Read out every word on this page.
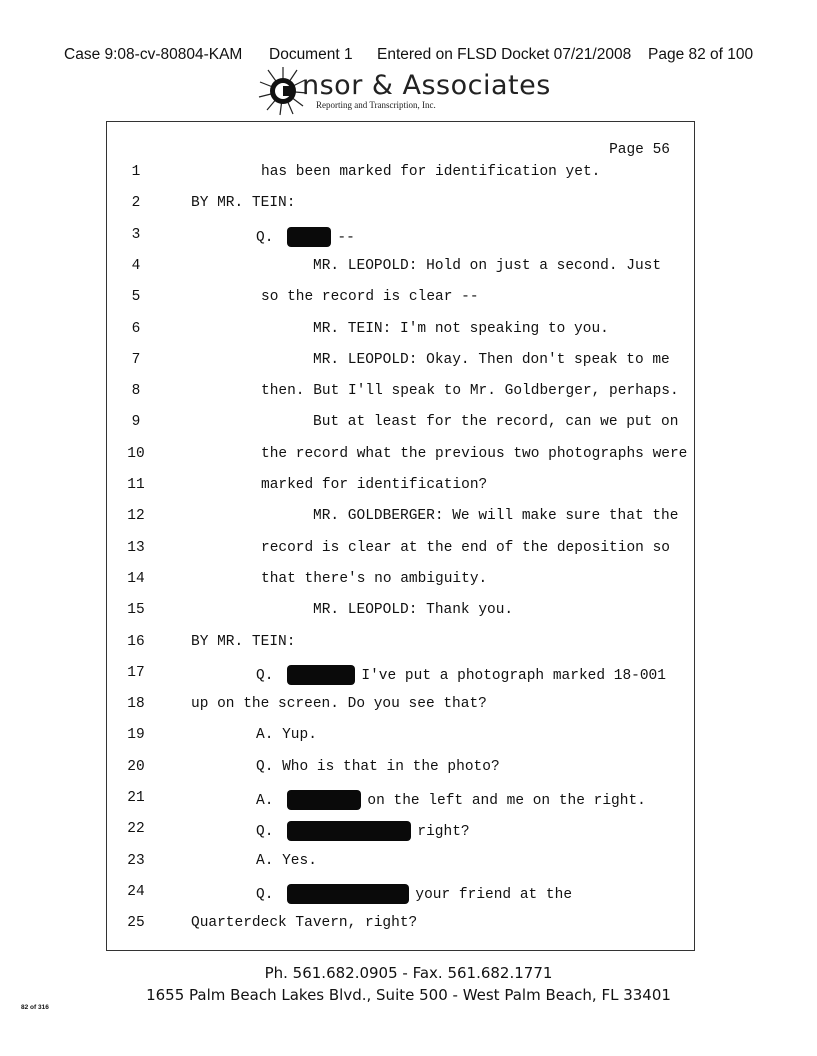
Case 9:08-cv-80804-KAM Document 1 Entered on FLSD Docket 07/21/2008 Page 82 of 100
nsor & Associates
Reporting and Transcription, Inc.
Page 56
1	has been marked for identification yet.
2	BY MR. TEIN:
3	Q.	--
4	MR. LEOPOLD: Hold on just a second. Just
5	so the record is clear --
6	MR. TEIN: I'm not speaking to you.
7	MR. LEOPOLD: Okay. Then don't speak to me
8	then. But I'll speak to Mr. Goldberger, perhaps.
9	But at least for the record, can we put on
10	the record what the previous two photographs were
11	marked for identification?
12	MR. GOLDBERGER: We will make sure that the
13	record is clear at the end of the deposition so
14	that there's no ambiguity.
15	MR. LEOPOLD: Thank you.
16	BY MR. TEIN:
17	Q.	I've put a photograph marked 18-001
18	up on the screen. Do you see that?
19	A. Yup.
20	Q. Who is that in the photo?
21	A.	on the left and me on the right.
22	Q.	right?
23	A. Yes.
24	Q.	your friend at the
25	Quarterdeck Tavern, right?
Ph. 561.682.0905 - Fax. 561.682.1771
1655 Palm Beach Lakes Blvd., Suite 500 - West Palm Beach, FL 33401
82 of 316
